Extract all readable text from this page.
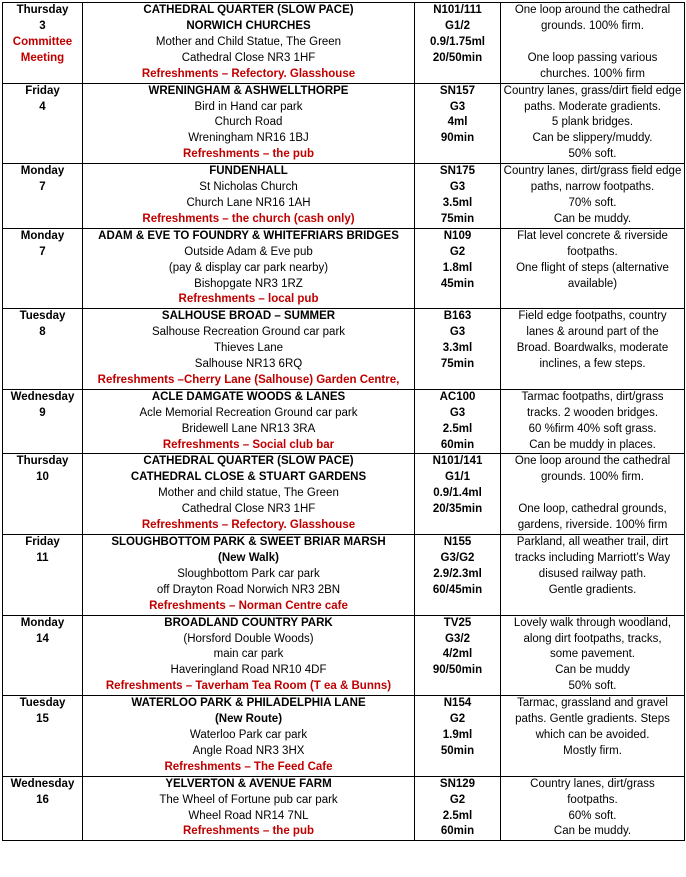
Thursday
3
Committee
Meeting	CATHEDRAL QUARTER (SLOW PACE)
NORWICH CHURCHES
Mother and Child Statue, The Green
Cathedral Close NR3 1HF
Refreshments – Refectory. Glasshouse	N101/111
G1/2
0.9/1.75ml
20/50min	One loop around the cathedral
grounds. 100% firm.
One loop passing various
churches. 100% firm

Friday
4	WRENINGHAM & ASHWELLTHORPE
Bird in Hand car park
Church Road
Wreningham NR16 1BJ
Refreshments – the pub	SN157
G3
4ml
90min	Country lanes, grass/dirt field edge
paths. Moderate gradients.
5 plank bridges.
Can be slippery/muddy.
50% soft.

Monday
7	FUNDENHALL
St Nicholas Church
Church Lane NR16 1AH
Refreshments – the church (cash only)	SN175
G3
3.5ml
75min	Country lanes, dirt/grass field edge
paths, narrow footpaths.
70% soft.
Can be muddy.

Monday
7	ADAM & EVE TO FOUNDRY & WHITEFRIARS BRIDGES
Outside Adam & Eve pub
(pay & display car park nearby)
Bishopgate NR3 1RZ
Refreshments – local pub	N109
G2
1.8ml
45min	Flat level concrete & riverside
footpaths.
One flight of steps (alternative
available)

Tuesday
8	SALHOUSE BROAD – SUMMER
Salhouse Recreation Ground car park
Thieves Lane
Salhouse NR13 6RQ
Refreshments –Cherry Lane (Salhouse) Garden Centre,	B163
G3
3.3ml
75min	Field edge footpaths, country
lanes & around part of the
Broad. Boardwalks, moderate
inclines, a few steps.

Wednesday
9	ACLE DAMGATE WOODS & LANES
Acle Memorial Recreation Ground car park
Bridewell Lane NR13 3RA
Refreshments – Social club bar	AC100
G3
2.5ml
60min	Tarmac footpaths, dirt/grass
tracks. 2 wooden bridges.
60 %firm 40% soft grass.
Can be muddy in places.

Thursday
10	CATHEDRAL QUARTER (SLOW PACE)
CATHEDRAL CLOSE & STUART GARDENS
Mother and child statue, The Green
Cathedral Close NR3 1HF
Refreshments – Refectory. Glasshouse	N101/141
G1/1
0.9/1.4ml
20/35min	One loop around the cathedral
grounds. 100% firm.
One loop, cathedral grounds,
gardens, riverside. 100% firm

Friday
11	SLOUGHBOTTOM PARK & SWEET BRIAR MARSH
(New Walk)
Sloughbottom Park car park
off Drayton Road Norwich NR3 2BN
Refreshments – Norman Centre cafe	N155
G3/G2
2.9/2.3ml
60/45min	Parkland, all weather trail, dirt
tracks including Marriott’s Way
disused railway path.
Gentle gradients.

Monday
14	BROADLAND COUNTRY PARK
(Horsford Double Woods)
main car park
Haveringland Road NR10 4DF
Refreshments – Taverham Tea Room (T ea & Bunns)	TV25
G3/2
4/2ml
90/50min	Lovely walk through woodland,
along dirt footpaths, tracks,
some pavement.
Can be muddy
50% soft.

Tuesday
15	WATERLOO PARK & PHILADELPHIA LANE
(New Route)
Waterloo Park car park
Angle Road NR3 3HX
Refreshments – The Feed Cafe	N154
G2
1.9ml
50min	Tarmac, grassland and gravel
paths. Gentle gradients. Steps
which can be avoided.
Mostly firm.

Wednesday
16	YELVERTON & AVENUE FARM
The Wheel of Fortune pub car park
Wheel Road NR14 7NL
Refreshments – the pub	SN129
G2
2.5ml
60min	Country lanes, dirt/grass
footpaths.
60% soft.
Can be muddy.
